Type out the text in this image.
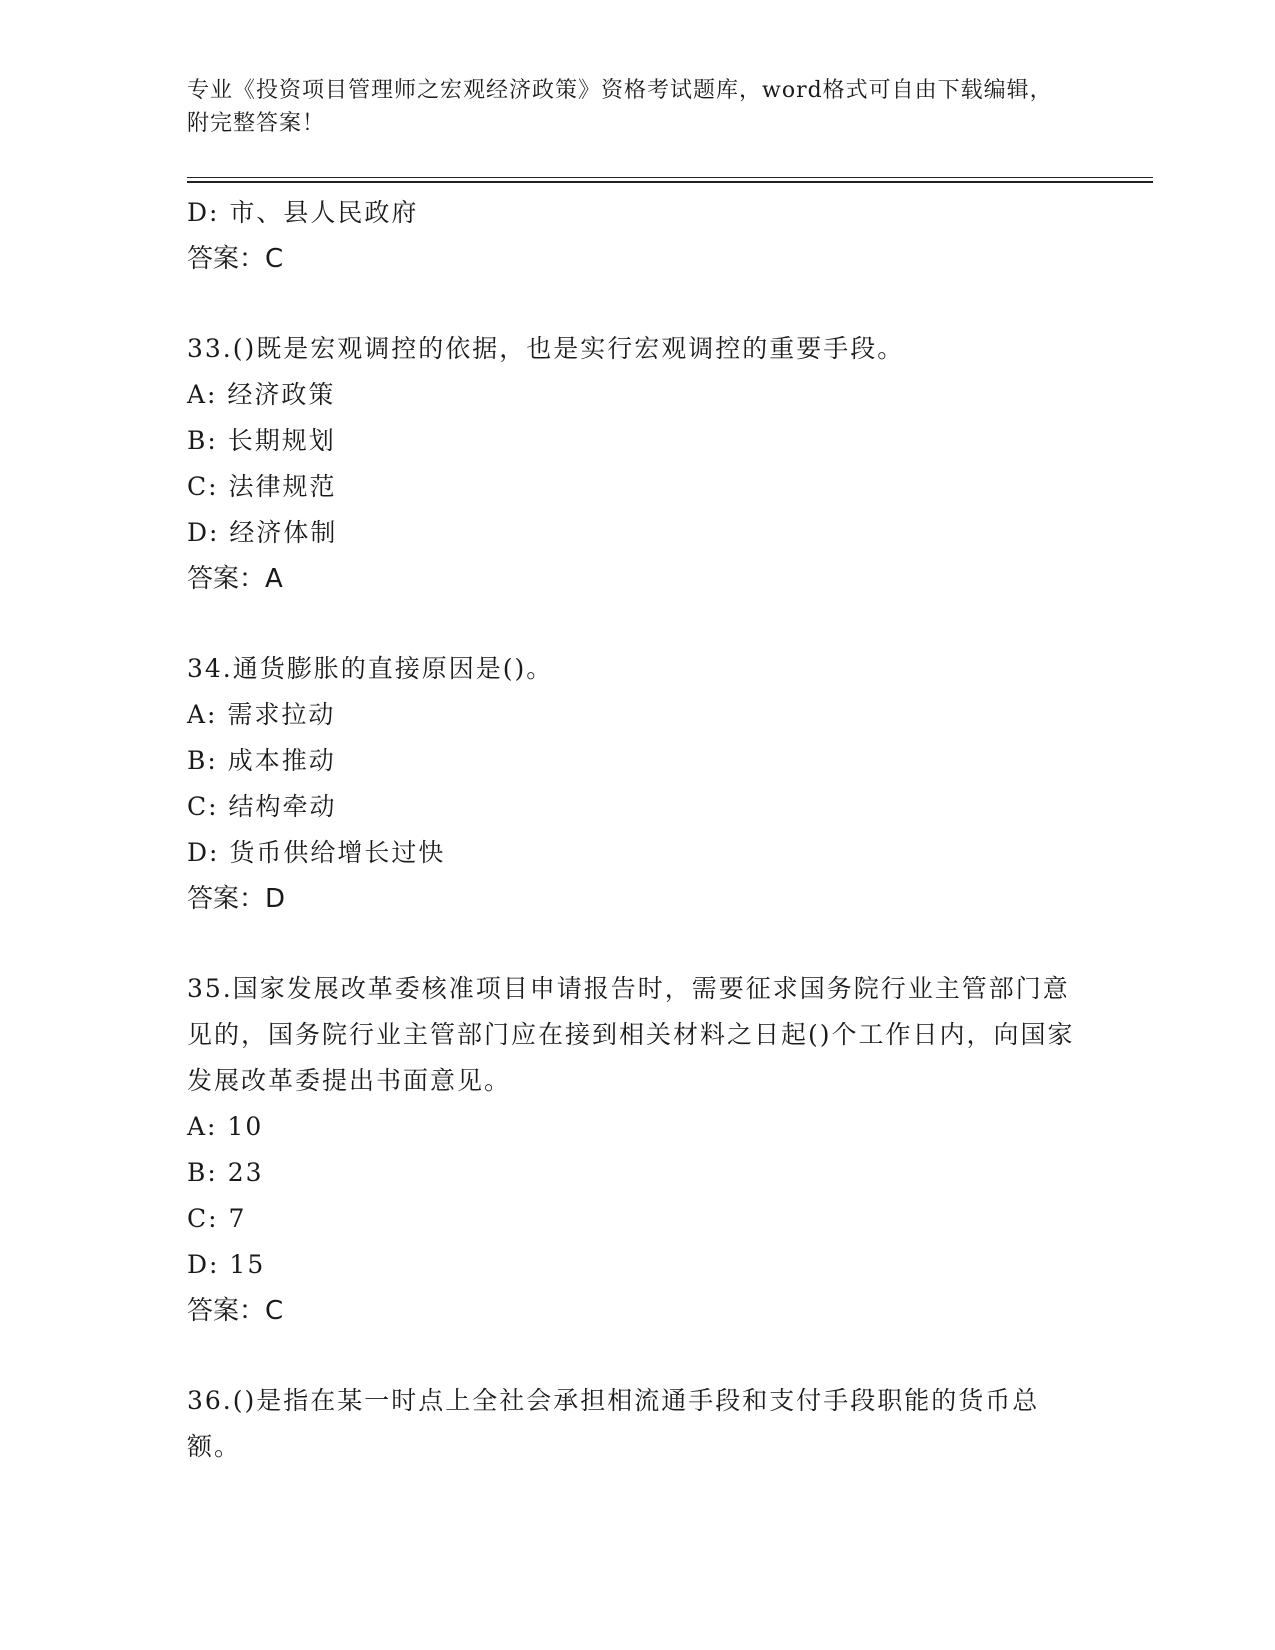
专业《投资项目管理师之宏观经济政策》资格考试题库，word格式可自由下载编辑，附完整答案！
D: 市、县人民政府
答案：C
33.()既是宏观调控的依据，也是实行宏观调控的重要手段。
A: 经济政策
B: 长期规划
C: 法律规范
D: 经济体制
答案：A
34.通货膨胀的直接原因是()。
A: 需求拉动
B: 成本推动
C: 结构牵动
D: 货币供给增长过快
答案：D
35.国家发展改革委核准项目申请报告时，需要征求国务院行业主管部门意见的，国务院行业主管部门应在接到相关材料之日起()个工作日内，向国家发展改革委提出书面意见。
A: 10
B: 23
C: 7
D: 15
答案：C
36.()是指在某一时点上全社会承担相流通手段和支付手段职能的货币总额。
